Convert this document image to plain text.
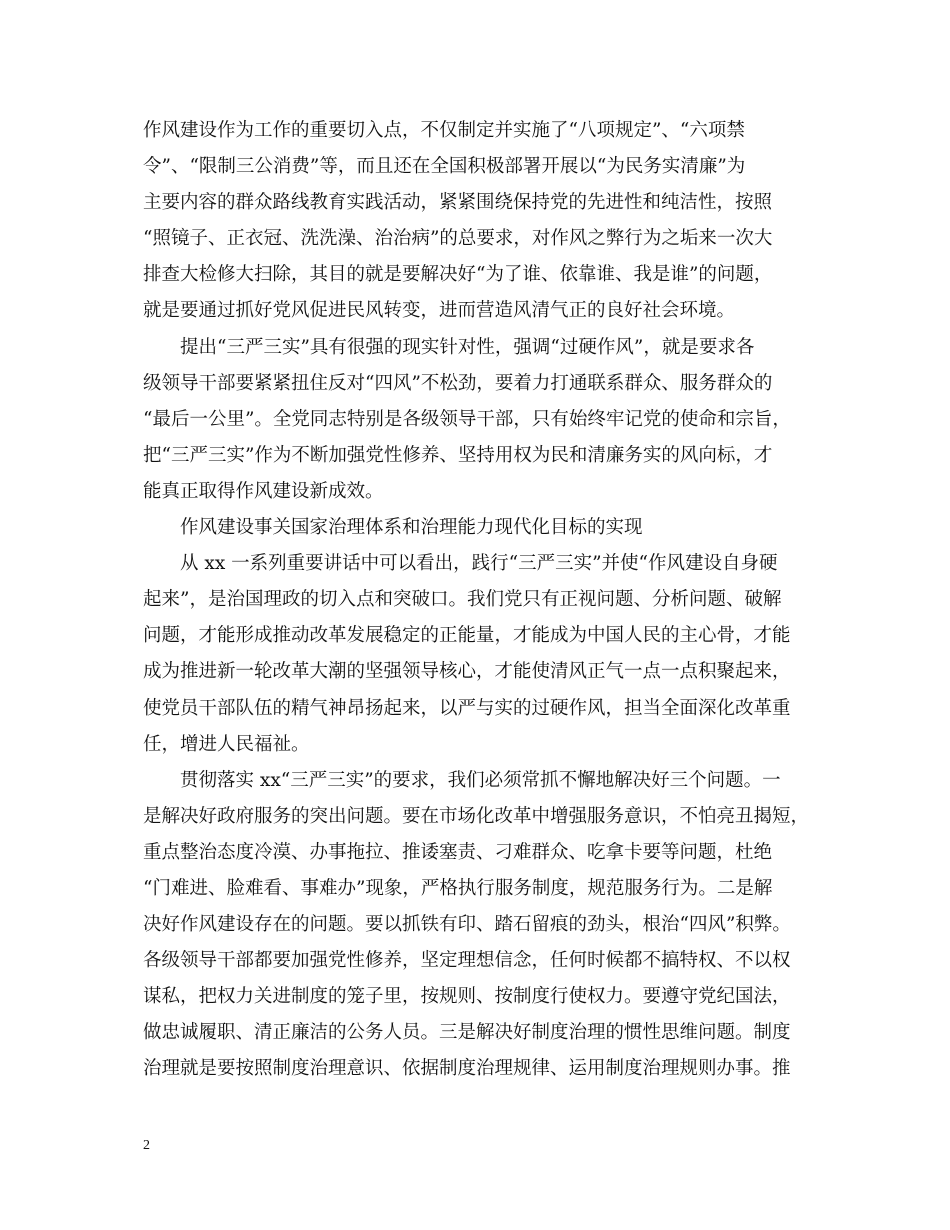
作风建设作为工作的重要切入点，不仅制定并实施了“八项规定”、“六项禁
令”、“限制三公消费”等，而且还在全国积极部署开展以“为民务实清廉”为
主要内容的群众路线教育实践活动，紧紧围绕保持党的先进性和纯洁性，按照
“照镜子、正衣冠、洗洗澡、治治病”的总要求，对作风之弊行为之垢来一次大
排查大检修大扫除，其目的就是要解决好“为了谁、依靠谁、我是谁”的问题，
就是要通过抓好党风促进民风转变，进而营造风清气正的良好社会环境。

提出“三严三实”具有很强的现实针对性，强调“过硬作风”，就是要求各
级领导干部要紧紧扭住反对“四风”不松劲，要着力打通联系群众、服务群众的
“最后一公里”。全党同志特别是各级领导干部，只有始终牢记党的使命和宗旨，
把“三严三实”作为不断加强党性修养、坚持用权为民和清廉务实的风向标，才
能真正取得作风建设新成效。

作风建设事关国家治理体系和治理能力现代化目标的实现

从 xx 一系列重要讲话中可以看出，践行“三严三实”并使“作风建设自身硬
起来”，是治国理政的切入点和突破口。我们党只有正视问题、分析问题、破解
问题，才能形成推动改革发展稳定的正能量，才能成为中国人民的主心骨，才能
成为推进新一轮改革大潮的坚强领导核心，才能使清风正气一点一点积聚起来，
使党员干部队伍的精气神昂扬起来，以严与实的过硬作风，担当全面深化改革重
任，增进人民福祉。

贯彻落实 xx“三严三实”的要求，我们必须常抓不懈地解决好三个问题。一
是解决好政府服务的突出问题。要在市场化改革中增强服务意识，不怕亮丑揭短，
重点整治态度冷漠、办事拖拉、推诿塞责、刁难群众、吃拿卡要等问题，杜绝
“门难进、脸难看、事难办”现象，严格执行服务制度，规范服务行为。二是解
决好作风建设存在的问题。要以抓铁有印、踏石留痕的劲头，根治“四风”积弊。
各级领导干部都要加强党性修养，坚定理想信念，任何时候都不搞特权、不以权
谋私，把权力关进制度的笼子里，按规则、按制度行使权力。要遵守党纪国法，
做忠诚履职、清正廉洁的公务人员。三是解决好制度治理的惯性思维问题。制度
治理就是要按照制度治理意识、依据制度治理规律、运用制度治理规则办事。推

2
